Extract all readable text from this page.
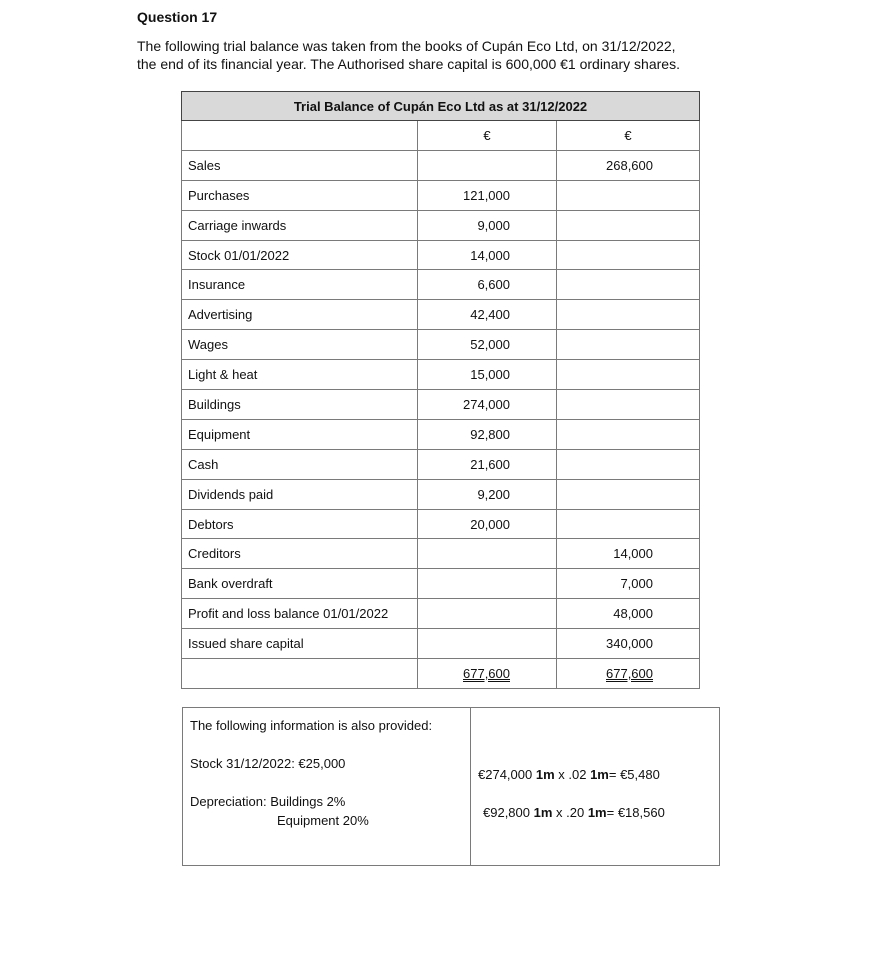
Question 17
The following trial balance was taken from the books of Cupán Eco Ltd, on 31/12/2022,
the end of its financial year. The Authorised share capital is 600,000 €1 ordinary shares.
Trial Balance of Cupán Eco Ltd as at 31/12/2022		
	€	€
Sales		268,600
Purchases	121,000	
Carriage inwards	9,000	
Stock 01/01/2022	14,000	
Insurance	6,600	
Advertising	42,400	
Wages	52,000	
Light & heat	15,000	
Buildings	274,000	
Equipment	92,800	
Cash	21,600	
Dividends paid	9,200	
Debtors	20,000	
Creditors		14,000
Bank overdraft		7,000
Profit and loss balance 01/01/2022		48,000
Issued share capital		340,000
	677,600	677,600
The following information is also provided:
Stock 31/12/2022: €25,000
Depreciation: Buildings 2%
Equipment 20%
€274,000 1m x .02 1m= €5,480
€92,800 1m x .20 1m= €18,560
